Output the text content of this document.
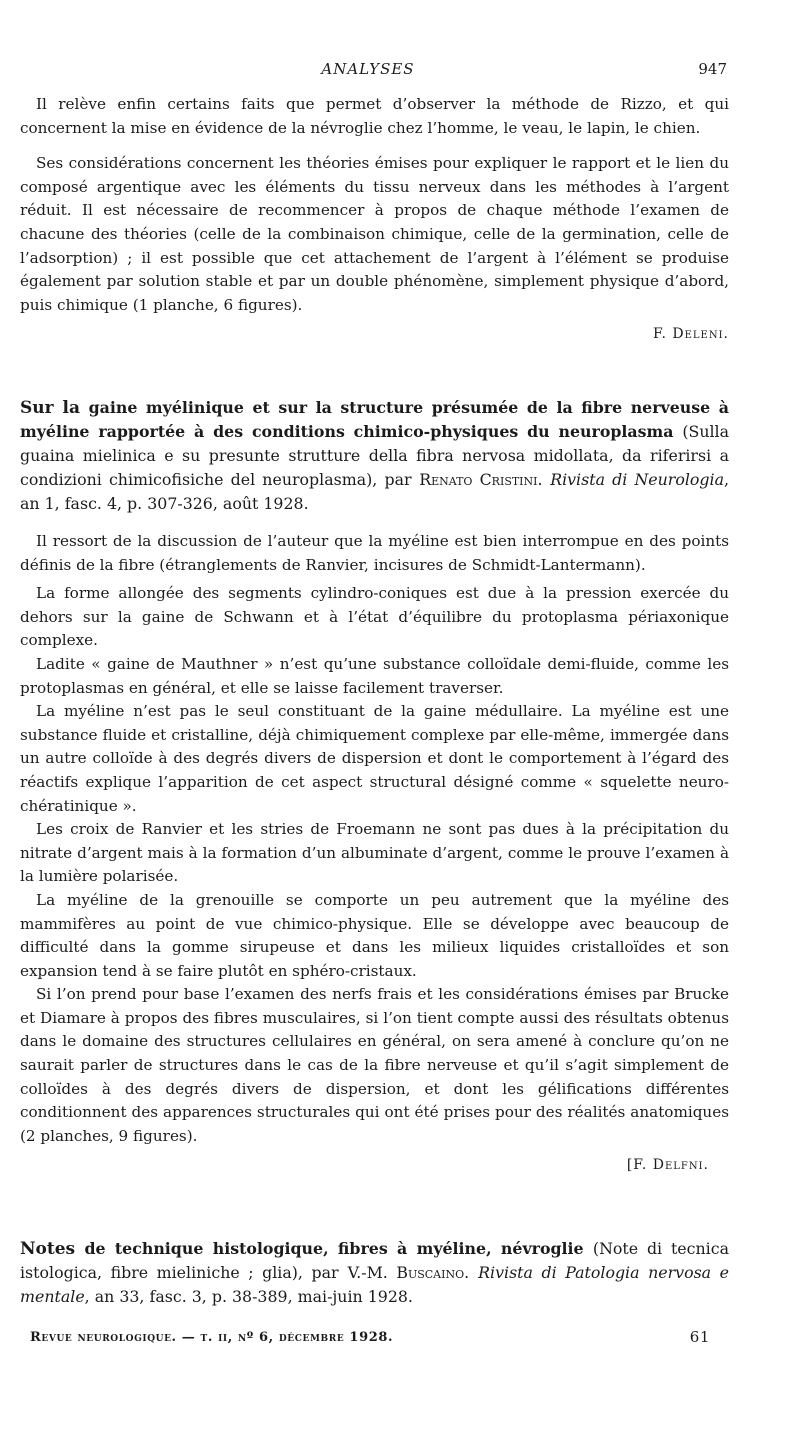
ANALYSES	947

Il relève enfin certains faits que permet d’observer la méthode de Rizzo, et qui concernent la mise en évidence de la névroglie chez l’homme, le veau, le lapin, le chien.

Ses considérations concernent les théories émises pour expliquer le rapport et le lien du composé argentique avec les éléments du tissu nerveux dans les méthodes à l’argent réduit. Il est nécessaire de recommencer à propos de chaque méthode l’examen de chacune des théories (celle de la combinaison chimique, celle de la germination, celle de l’adsorption) ; il est possible que cet attachement de l’argent à l’élément se produise également par solution stable et par un double phénomène, simplement physique d’abord, puis chimique (1 planche, 6 figures).

F. Deleni.

Sur la gaine myélinique et sur la structure présumée de la fibre nerveuse à myéline rapportée à des conditions chimico-physiques du neuroplasma (Sulla guaina mielinica e su presunte strutture della fibra nervosa midollata, da riferirsi a condizioni chimicofisiche del neuroplasma), par Renato Cristini. Rivista di Neurologia, an 1, fasc. 4, p. 307-326, août 1928.

Il ressort de la discussion de l’auteur que la myéline est bien interrompue en des points définis de la fibre (étranglements de Ranvier, incisures de Schmidt-Lantermann).

La forme allongée des segments cylindro-coniques est due à la pression exercée du dehors sur la gaine de Schwann et à l’état d’équilibre du protoplasma périaxonique complexe.

Ladite « gaine de Mauthner » n’est qu’une substance colloïdale demi-fluide, comme les protoplasmas en général, et elle se laisse facilement traverser.

La myéline n’est pas le seul constituant de la gaine médullaire. La myéline est une substance fluide et cristalline, déjà chimiquement complexe par elle-même, immergée dans un autre colloïde à des degrés divers de dispersion et dont le comportement à l’égard des réactifs explique l’apparition de cet aspect structural désigné comme « squelette neuro-chératinique ».

Les croix de Ranvier et les stries de Froemann ne sont pas dues à la précipitation du nitrate d’argent mais à la formation d’un albuminate d’argent, comme le prouve l’examen à la lumière polarisée.

La myéline de la grenouille se comporte un peu autrement que la myéline des mammifères au point de vue chimico-physique. Elle se développe avec beaucoup de difficulté dans la gomme sirupeuse et dans les milieux liquides cristalloïdes et son expansion tend à se faire plutôt en sphéro-cristaux.

Si l’on prend pour base l’examen des nerfs frais et les considérations émises par Brucke et Diamare à propos des fibres musculaires, si l’on tient compte aussi des résultats obtenus dans le domaine des structures cellulaires en général, on sera amené à conclure qu’on ne saurait parler de structures dans le cas de la fibre nerveuse et qu’il s’agit simplement de colloïdes à des degrés divers de dispersion, et dont les gélifications différentes conditionnent des apparences structurales qui ont été prises pour des réalités anatomiques (2 planches, 9 figures).

[F. Delfni.

Notes de technique histologique, fibres à myéline, névroglie (Note di tecnica istologica, fibre mieliniche ; glia), par V.-M. Buscaino. Rivista di Patologia nervosa e mentale, an 33, fasc. 3, p. 38-389, mai-juin 1928.

Revue neurologique. — t. ii, nº 6, décembre 1928.	61
